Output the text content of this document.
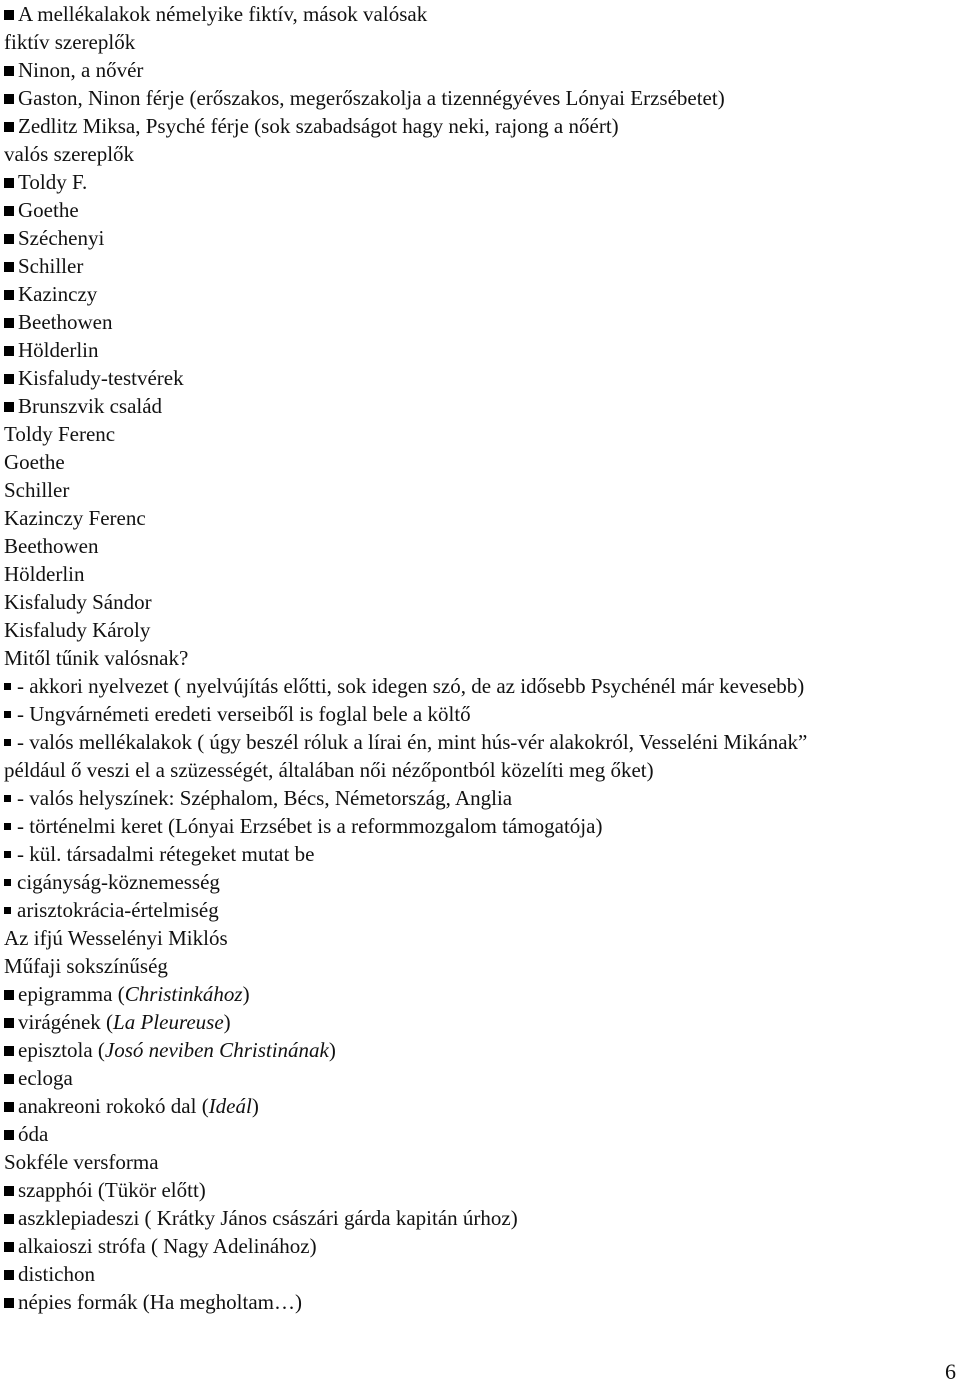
6
A mellékalakok némelyike fiktív, mások valósak
fiktív szereplők
Ninon, a nővér
Gaston, Ninon férje (erőszakos, megerőszakolja a tizennégyéves Lónyai Erzsébetet)
Zedlitz Miksa, Psyché férje (sok szabadságot hagy neki, rajong a nőért)
valós szereplők
Toldy F.
Goethe
Széchenyi
Schiller
Kazinczy
Beethowen
Hölderlin
Kisfaludy-testvérek
Brunszvik család
Toldy Ferenc
Goethe
Schiller
Kazinczy Ferenc
Beethowen
Hölderlin
Kisfaludy Sándor
Kisfaludy Károly
Mitől tűnik valósnak?
- akkori nyelvezet ( nyelvújítás előtti, sok idegen szó, de az idősebb Psychénél már kevesebb)
- Ungvárnémeti eredeti verseiből is foglal bele a költő
- valós mellékalakok ( úgy beszél róluk a lírai én, mint hús-vér alakokról, Vesseléni Mikának”
például ő veszi el a szüzességét, általában női nézőpontból közelíti meg őket)
- valós helyszínek: Széphalom, Bécs, Németország, Anglia
- történelmi keret (Lónyai Erzsébet is a reformmozgalom támogatója)
- kül. társadalmi rétegeket mutat be
cigányság-köznemesség
arisztokrácia-értelmiség
Az ifjú Wesselényi Miklós
Műfaji sokszínűség
epigramma (Christinkához)
virágének (La Pleureuse)
episztola (Josó neviben Christinának)
ecloga
anakreoni rokokó dal (Ideál)
óda
Sokféle versforma
szapphói (Tükör előtt)
aszklepiadeszi ( Krátky János császári gárda kapitán úrhoz)
alkaioszi strófa ( Nagy Adelinához)
distichon
népies formák (Ha megholtam…)
